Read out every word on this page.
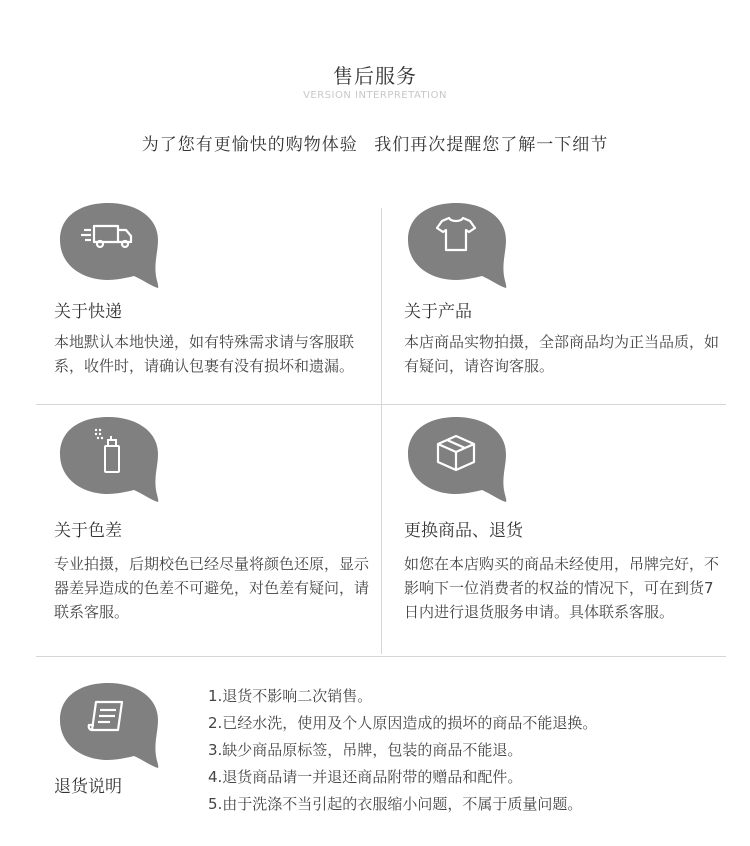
售后服务
VERSION INTERPRETATION
为了您有更愉快的购物体验 我们再次提醒您了解一下细节
关于快递
本地默认本地快递，如有特殊需求请与客服联系，收件时，请确认包裹有没有损坏和遗漏。
关于产品
本店商品实物拍摄，全部商品均为正当品质，如有疑问，请咨询客服。
关于色差
专业拍摄，后期校色已经尽量将颜色还原，显示器差异造成的色差不可避免，对色差有疑问，请联系客服。
更换商品、退货
如您在本店购买的商品未经使用，吊牌完好，不影响下一位消费者的权益的情况下，可在到货7日内进行退货服务申请。具体联系客服。
退货说明
1.退货不影响二次销售。
2.已经水洗，使用及个人原因造成的损坏的商品不能退换。
3.缺少商品原标签，吊牌，包装的商品不能退。
4.退货商品请一并退还商品附带的赠品和配件。
5.由于洗涤不当引起的衣服缩小问题，不属于质量问题。
